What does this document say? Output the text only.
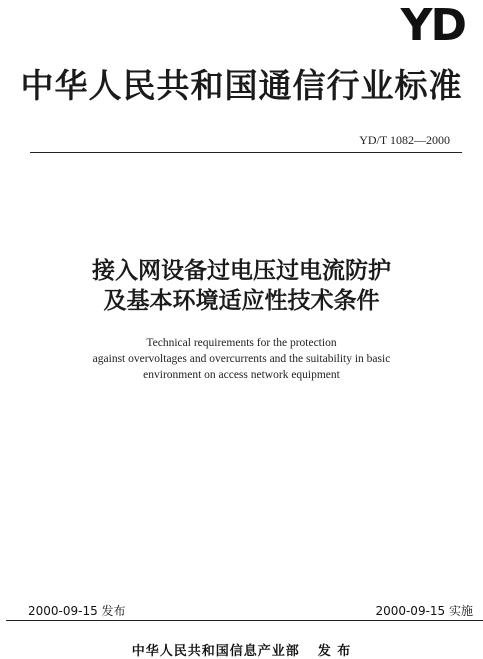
YD
中华人民共和国通信行业标准
YD/T 1082—2000
接入网设备过电压过电流防护
及基本环境适应性技术条件
Technical requirements for the protection
against overvoltages and overcurrents and the suitability in basic
environment on access network equipment
2000-09-15 发布	2000-09-15 实施
中华人民共和国信息产业部 发 布
